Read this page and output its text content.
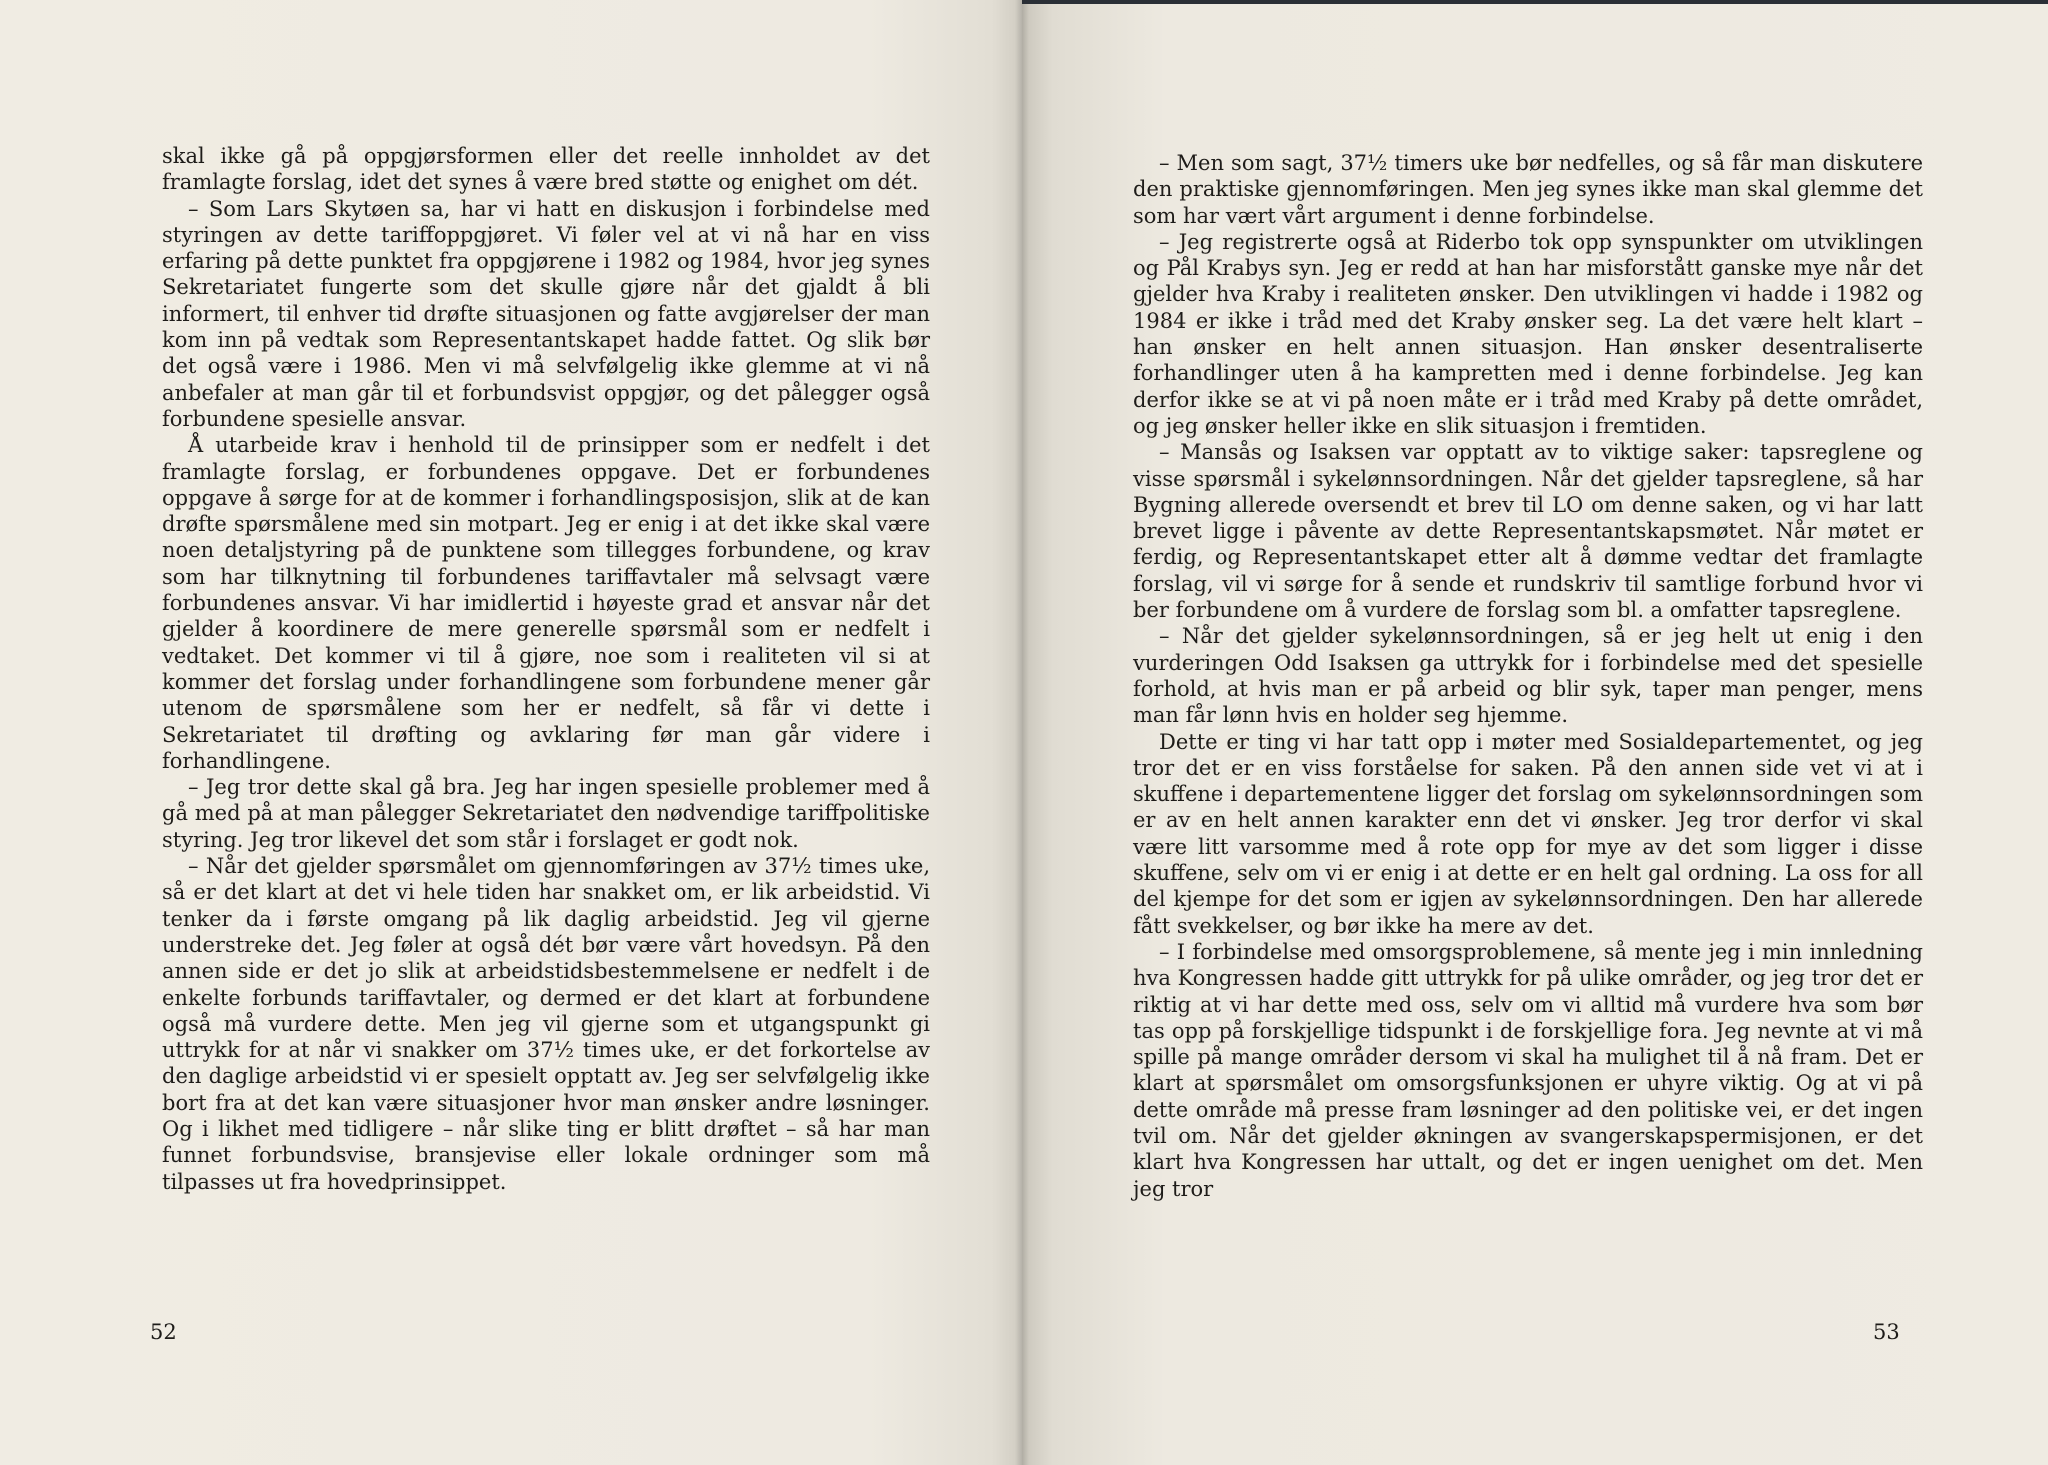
skal ikke gå på oppgjørsformen eller det reelle innholdet av det framlagte forslag, idet det synes å være bred støtte og enighet om dét.

– Som Lars Skytøen sa, har vi hatt en diskusjon i forbindelse med styringen av dette tariffoppgjøret. Vi føler vel at vi nå har en viss erfaring på dette punktet fra oppgjørene i 1982 og 1984, hvor jeg synes Sekretariatet fungerte som det skulle gjøre når det gjaldt å bli informert, til enhver tid drøfte situasjonen og fatte avgjørelser der man kom inn på vedtak som Representantskapet hadde fattet. Og slik bør det også være i 1986. Men vi må selvfølgelig ikke glemme at vi nå anbefaler at man går til et forbundsvist oppgjør, og det pålegger også forbundene spesielle ansvar.

Å utarbeide krav i henhold til de prinsipper som er nedfelt i det framlagte forslag, er forbundenes oppgave. Det er forbundenes oppgave å sørge for at de kommer i forhandlingsposisjon, slik at de kan drøfte spørsmålene med sin motpart. Jeg er enig i at det ikke skal være noen detaljstyring på de punktene som tillegges forbundene, og krav som har tilknytning til forbundenes tariffavtaler må selvsagt være forbundenes ansvar. Vi har imidlertid i høyeste grad et ansvar når det gjelder å koordinere de mere generelle spørsmål som er nedfelt i vedtaket. Det kommer vi til å gjøre, noe som i realiteten vil si at kommer det forslag under forhandlingene som forbundene mener går utenom de spørsmålene som her er nedfelt, så får vi dette i Sekretariatet til drøfting og avklaring før man går videre i forhandlingene.

– Jeg tror dette skal gå bra. Jeg har ingen spesielle problemer med å gå med på at man pålegger Sekretariatet den nødvendige tariffpolitiske styring. Jeg tror likevel det som står i forslaget er godt nok.

– Når det gjelder spørsmålet om gjennomføringen av 37½ times uke, så er det klart at det vi hele tiden har snakket om, er lik arbeidstid. Vi tenker da i første omgang på lik daglig arbeidstid. Jeg vil gjerne understreke det. Jeg føler at også dét bør være vårt hovedsyn. På den annen side er det jo slik at arbeidstidsbestemmelsene er nedfelt i de enkelte forbunds tariffavtaler, og dermed er det klart at forbundene også må vurdere dette. Men jeg vil gjerne som et utgangspunkt gi uttrykk for at når vi snakker om 37½ times uke, er det forkortelse av den daglige arbeidstid vi er spesielt opptatt av. Jeg ser selvfølgelig ikke bort fra at det kan være situasjoner hvor man ønsker andre løsninger. Og i likhet med tidligere – når slike ting er blitt drøftet – så har man funnet forbundsvise, bransjevise eller lokale ordninger som må tilpasses ut fra hovedprinsippet.

52

– Men som sagt, 37½ timers uke bør nedfelles, og så får man diskutere den praktiske gjennomføringen. Men jeg synes ikke man skal glemme det som har vært vårt argument i denne forbindelse.

– Jeg registrerte også at Riderbo tok opp synspunkter om utviklingen og Pål Krabys syn. Jeg er redd at han har misforstått ganske mye når det gjelder hva Kraby i realiteten ønsker. Den utviklingen vi hadde i 1982 og 1984 er ikke i tråd med det Kraby ønsker seg. La det være helt klart – han ønsker en helt annen situasjon. Han ønsker desentraliserte forhandlinger uten å ha kampretten med i denne forbindelse. Jeg kan derfor ikke se at vi på noen måte er i tråd med Kraby på dette området, og jeg ønsker heller ikke en slik situasjon i fremtiden.

– Mansås og Isaksen var opptatt av to viktige saker: tapsreglene og visse spørsmål i sykelønnsordningen. Når det gjelder tapsreglene, så har Bygning allerede oversendt et brev til LO om denne saken, og vi har latt brevet ligge i påvente av dette Representantskapsmøtet. Når møtet er ferdig, og Representantskapet etter alt å dømme vedtar det framlagte forslag, vil vi sørge for å sende et rundskriv til samtlige forbund hvor vi ber forbundene om å vurdere de forslag som bl. a omfatter tapsreglene.

– Når det gjelder sykelønnsordningen, så er jeg helt ut enig i den vurderingen Odd Isaksen ga uttrykk for i forbindelse med det spesielle forhold, at hvis man er på arbeid og blir syk, taper man penger, mens man får lønn hvis en holder seg hjemme.

Dette er ting vi har tatt opp i møter med Sosialdepartementet, og jeg tror det er en viss forståelse for saken. På den annen side vet vi at i skuffene i departementene ligger det forslag om sykelønnsordningen som er av en helt annen karakter enn det vi ønsker. Jeg tror derfor vi skal være litt varsomme med å rote opp for mye av det som ligger i disse skuffene, selv om vi er enig i at dette er en helt gal ordning. La oss for all del kjempe for det som er igjen av sykelønnsordningen. Den har allerede fått svekkelser, og bør ikke ha mere av det.

– I forbindelse med omsorgsproblemene, så mente jeg i min innledning hva Kongressen hadde gitt uttrykk for på ulike områder, og jeg tror det er riktig at vi har dette med oss, selv om vi alltid må vurdere hva som bør tas opp på forskjellige tidspunkt i de forskjellige fora. Jeg nevnte at vi må spille på mange områder dersom vi skal ha mulighet til å nå fram. Det er klart at spørsmålet om omsorgsfunksjonen er uhyre viktig. Og at vi på dette område må presse fram løsninger ad den politiske vei, er det ingen tvil om. Når det gjelder økningen av svangerskapspermisjonen, er det klart hva Kongressen har uttalt, og det er ingen uenighet om det. Men jeg tror

53
